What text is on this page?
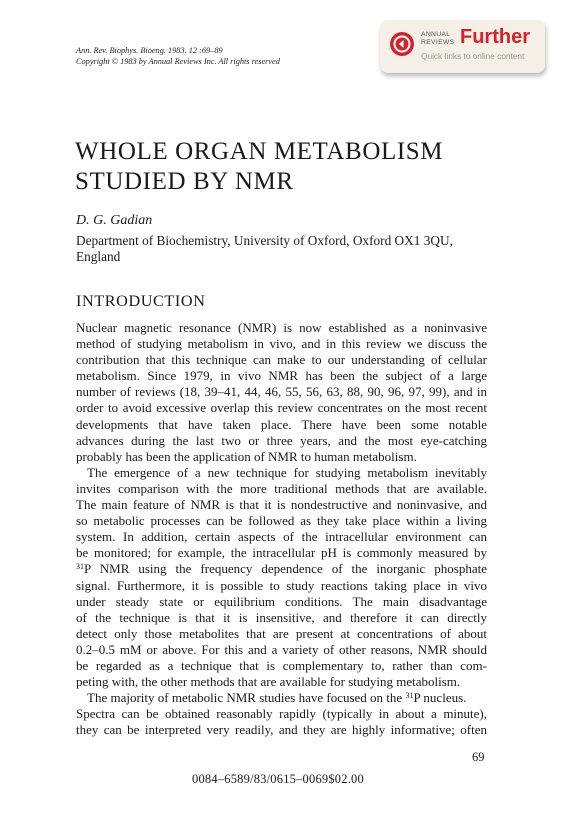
Ann. Rev. Biophys. Bioeng. 1983. 12 :69–89
Copyright © 1983 by Annual Reviews Inc. All rights reserved
ANNUAL
REVIEWS Further
Quick links to online content
WHOLE ORGAN METABOLISM
STUDIED BY NMR
D. G. Gadian
Department of Biochemistry, University of Oxford, Oxford OX1 3QU,
England
INTRODUCTION
Nuclear magnetic resonance (NMR) is now established as a noninvasive
method of studying metabolism in vivo, and in this review we discuss the
contribution that this technique can make to our understanding of cellular
metabolism. Since 1979, in vivo NMR has been the subject of a large
number of reviews (18, 39–41, 44, 46, 55, 56, 63, 88, 90, 96, 97, 99), and in
order to avoid excessive overlap this review concentrates on the most recent
developments that have taken place. There have been some notable
advances during the last two or three years, and the most eye-catching
probably has been the application of NMR to human metabolism.
The emergence of a new technique for studying metabolism inevitably
invites comparison with the more traditional methods that are available.
The main feature of NMR is that it is nondestructive and noninvasive, and
so metabolic processes can be followed as they take place within a living
system. In addition, certain aspects of the intracellular environment can
be monitored; for example, the intracellular pH is commonly measured by
$^{31}$P NMR using the frequency dependence of the inorganic phosphate
signal. Furthermore, it is possible to study reactions taking place in vivo
under steady state or equilibrium conditions. The main disadvantage
of the technique is that it is insensitive, and therefore it can directly
detect only those metabolites that are present at concentrations of about
0.2–0.5 mM or above. For this and a variety of other reasons, NMR should
be regarded as a technique that is complementary to, rather than com-
peting with, the other methods that are available for studying metabolism.
The majority of metabolic NMR studies have focused on the $^{31}$P nucleus.
Spectra can be obtained reasonably rapidly (typically in about a minute),
they can be interpreted very readily, and they are highly informative; often
69
0084–6589/83/0615–0069$02.00
